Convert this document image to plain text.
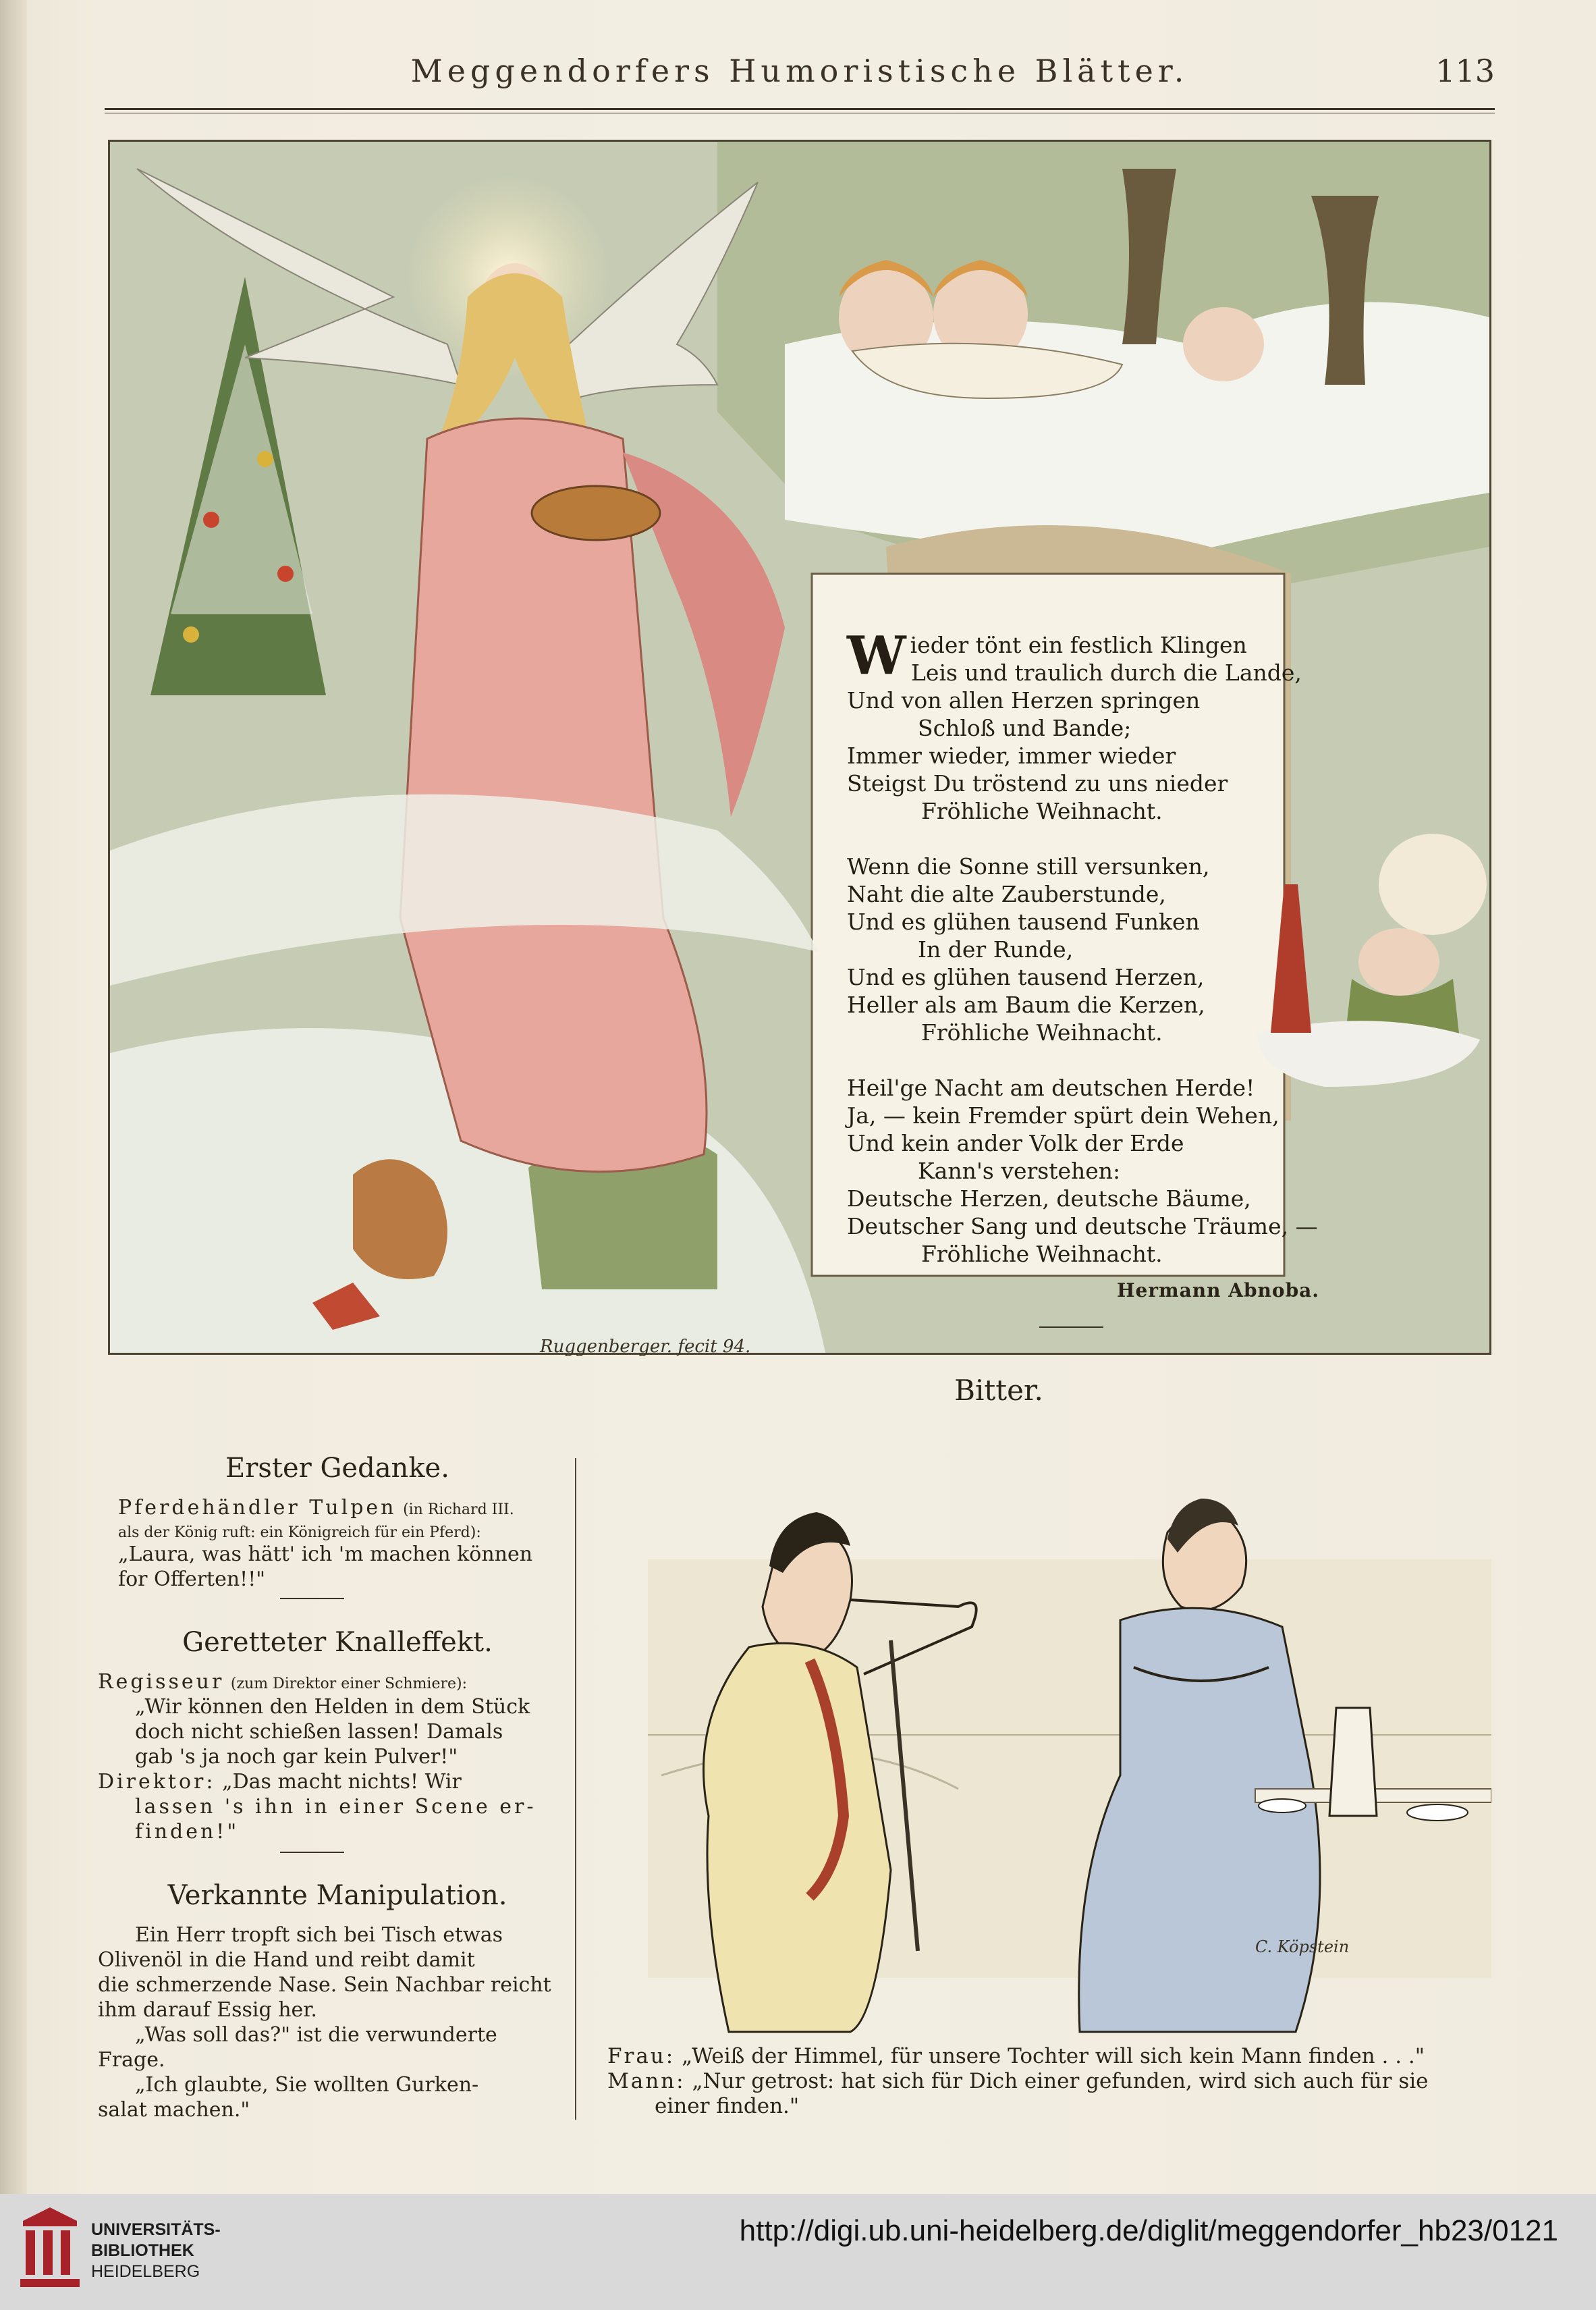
Meggendorfers Humoristische Blätter.	113
W ieder tönt ein festlich Klingen
Leis und traulich durch die Lande,
Und von allen Herzen springen
Schloß und Bande;
Immer wieder, immer wieder
Steigst Du tröstend zu uns nieder
Fröhliche Weihnacht.
Wenn die Sonne still versunken,
Naht die alte Zauberstunde,
Und es glühen tausend Funken
In der Runde,
Und es glühen tausend Herzen,
Heller als am Baum die Kerzen,
Fröhliche Weihnacht.
Heil'ge Nacht am deutschen Herde!
Ja, — kein Fremder spürt dein Wehen,
Und kein ander Volk der Erde
Kann's verstehen:
Deutsche Herzen, deutsche Bäume,
Deutscher Sang und deutsche Träume, —
Fröhliche Weihnacht.
Hermann Abnoba.
Ruggenberger. fecit 94.
Bitter.
Erster Gedanke.
Pferdehändler Tulpen (in Richard III.
als der König ruft: ein Königreich für ein Pferd):
„Laura, was hätt' ich 'm machen können
for Offerten!!"
Geretteter Knalleffekt.
Regisseur (zum Direktor einer Schmiere):
„Wir können den Helden in dem Stück
doch nicht schießen lassen! Damals
gab 's ja noch gar kein Pulver!"
Direktor: „Das macht nichts! Wir
lassen 's ihn in einer Scene er-
finden!"
Verkannte Manipulation.
Ein Herr tropft sich bei Tisch etwas
Olivenöl in die Hand und reibt damit
die schmerzende Nase. Sein Nachbar reicht
ihm darauf Essig her.
„Was soll das?" ist die verwunderte
Frage.
„Ich glaubte, Sie wollten Gurken-
salat machen."
C. Köpstein
Frau: „Weiß der Himmel, für unsere Tochter will sich kein Mann finden . . ."
Mann: „Nur getrost: hat sich für Dich einer gefunden, wird sich auch für sie
einer finden."
UNIVERSITÄTS-
BIBLIOTHEK
HEIDELBERG
http://digi.ub.uni-heidelberg.de/diglit/meggendorfer_hb23/0121
